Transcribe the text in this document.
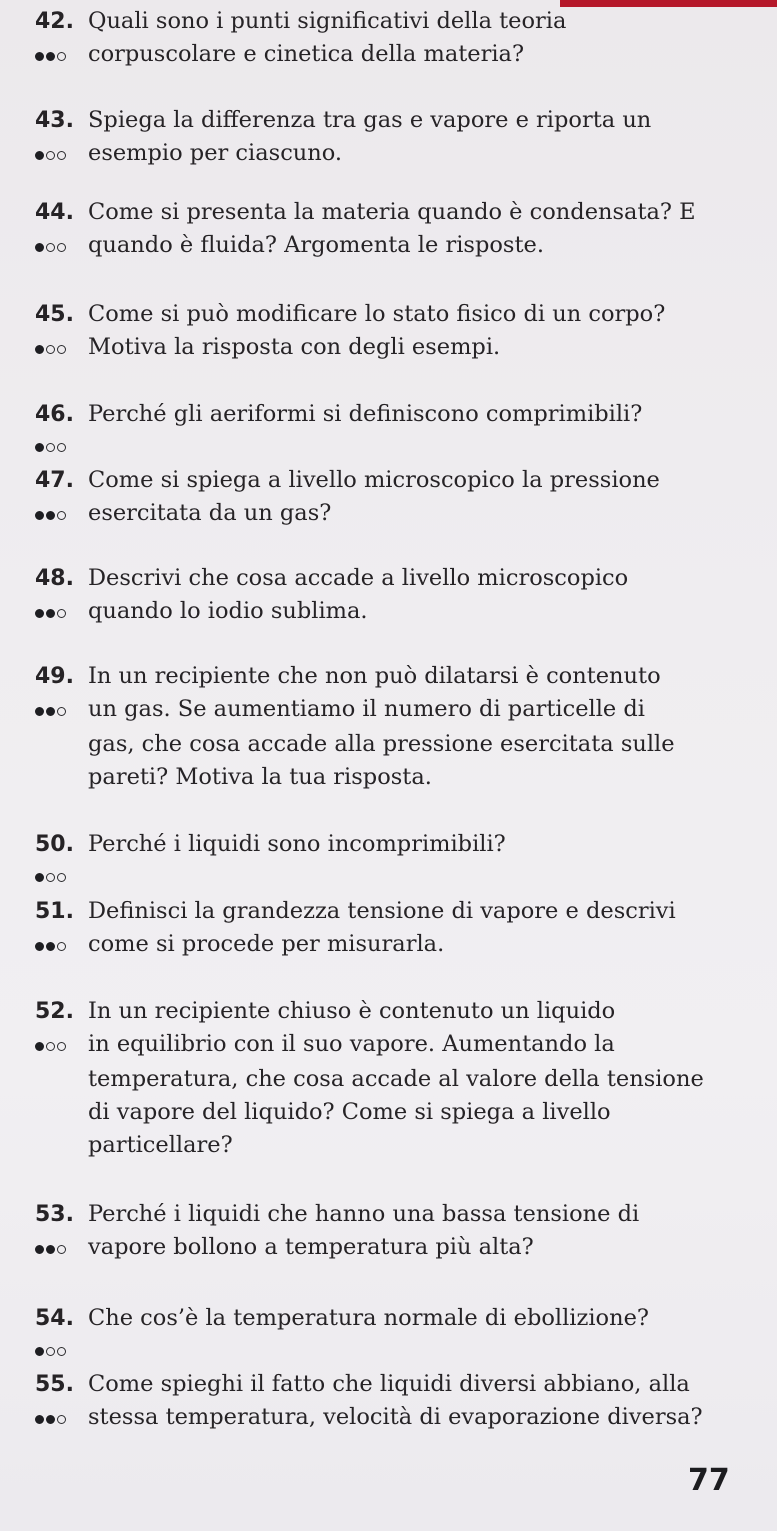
42. Quali sono i punti significativi della teoria
corpuscolare e cinetica della materia?
43. Spiega la differenza tra gas e vapore e riporta un
esempio per ciascuno.
44. Come si presenta la materia quando è condensata? E
quando è fluida? Argomenta le risposte.
45. Come si può modificare lo stato fisico di un corpo?
Motiva la risposta con degli esempi.
46. Perché gli aeriformi si definiscono comprimibili?
47. Come si spiega a livello microscopico la pressione
esercitata da un gas?
48. Descrivi che cosa accade a livello microscopico
quando lo iodio sublima.
49. In un recipiente che non può dilatarsi è contenuto
un gas. Se aumentiamo il numero di particelle di
gas, che cosa accade alla pressione esercitata sulle
pareti? Motiva la tua risposta.
50. Perché i liquidi sono incomprimibili?
51. Definisci la grandezza tensione di vapore e descrivi
come si procede per misurarla.
52. In un recipiente chiuso è contenuto un liquido
in equilibrio con il suo vapore. Aumentando la
temperatura, che cosa accade al valore della tensione
di vapore del liquido? Come si spiega a livello
particellare?
53. Perché i liquidi che hanno una bassa tensione di
vapore bollono a temperatura più alta?
54. Che cos’è la temperatura normale di ebollizione?
55. Come spieghi il fatto che liquidi diversi abbiano, alla
stessa temperatura, velocità di evaporazione diversa?
77
